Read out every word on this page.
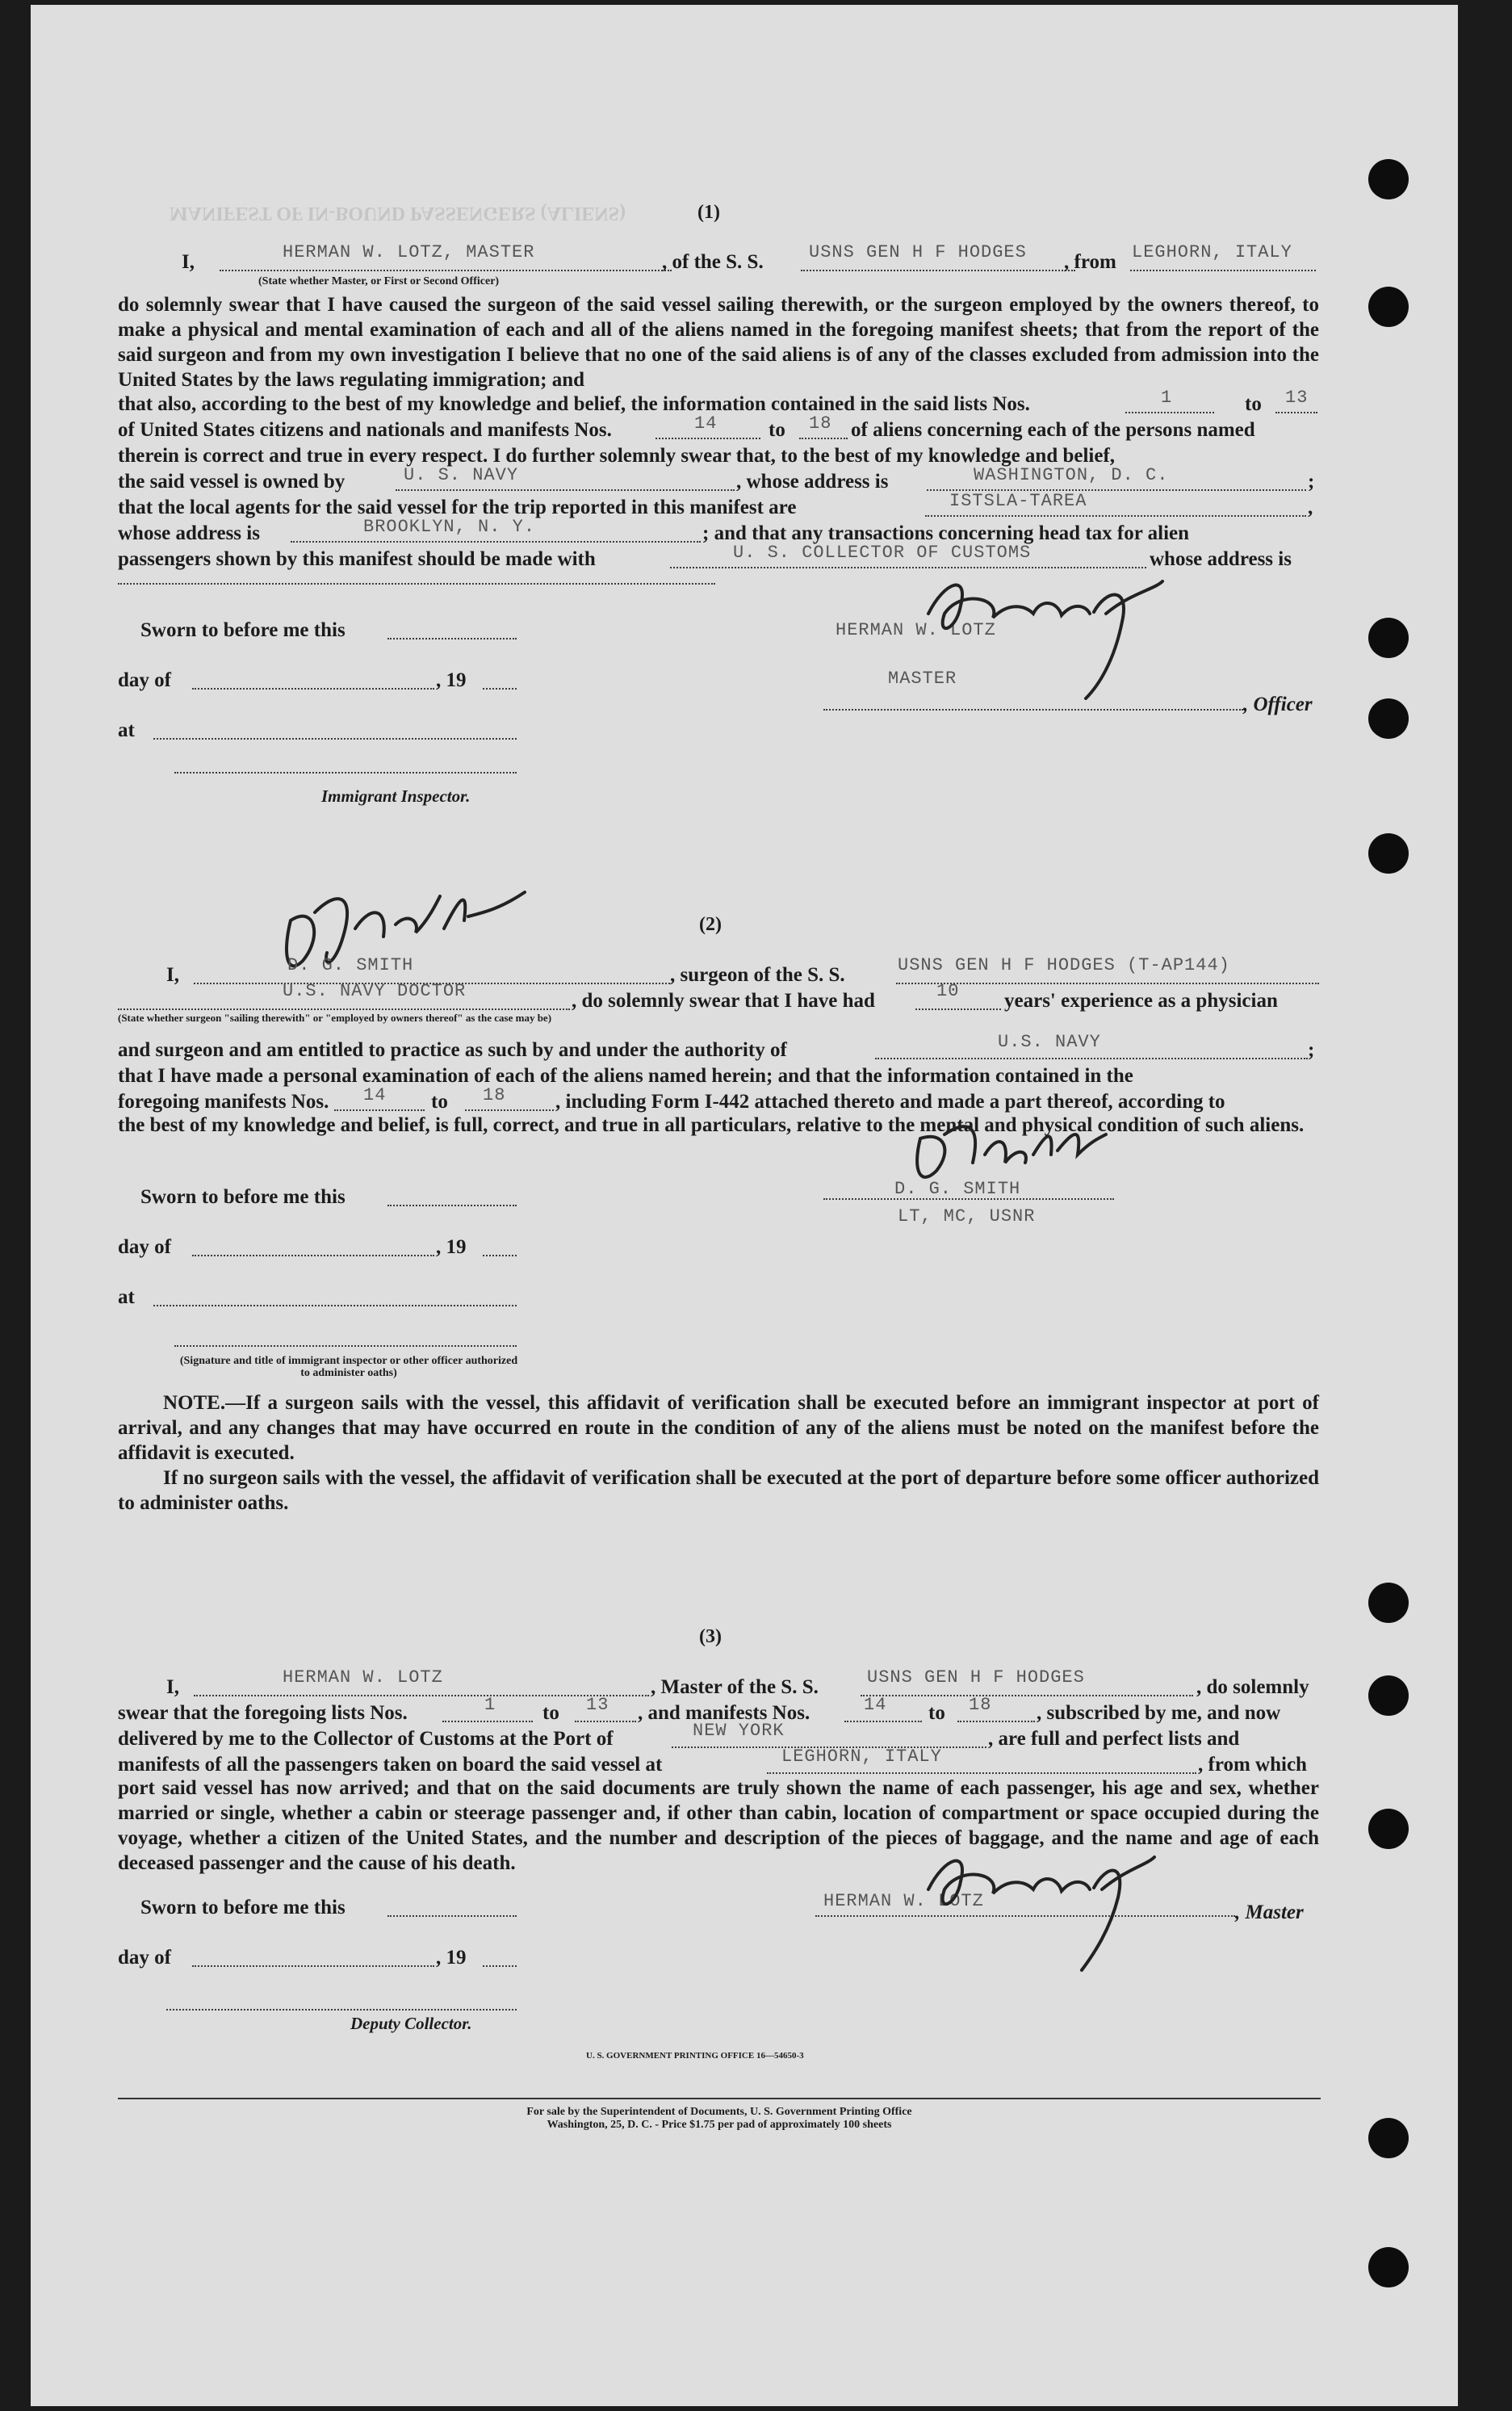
MANIFEST OF IN-BOUND PASSENGERS (ALIENS)	(1)
I,	HERMAN W. LOTZ, MASTER	, of the S. S.	USNS GEN H F HODGES , from LEGHORN, ITALY
(State whether Master, or First or Second Officer)
do solemnly swear that I have caused the surgeon of the said vessel sailing therewith, or the surgeon employed by the owners thereof, to make a physical and mental examination of each and all of the aliens named in the foregoing manifest sheets; that from the report of the said surgeon and from my own investigation I believe that no one of the said aliens is of any of the classes excluded from admission into the United States by the laws regulating immigration; and
that also, according to the best of my knowledge and belief, the information contained in the said lists Nos.	1	to 13
of United States citizens and nationals and manifests Nos.	14	to 18 of aliens concerning each of the persons named
therein is correct and true in every respect. I do further solemnly swear that, to the best of my knowledge and belief,
the said vessel is owned by	U. S. NAVY	, whose address is	WASHINGTON, D. C.	;
that the local agents for the said vessel for the trip reported in this manifest are	ISTSLA-TAREA	,
whose address is	BROOKLYN, N. Y.	; and that any transactions concerning head tax for alien
passengers shown by this manifest should be made with	U. S. COLLECTOR OF CUSTOMS	whose address is
Sworn to before me this
day of	, 19
at
Immigrant Inspector.
HERMAN W. LOTZ
MASTER
, Officer
(2)
I,	D. G. SMITH	, surgeon of the S. S.	USNS GEN H F HODGES (T-AP144)
U.S. NAVY DOCTOR	, do solemnly swear that I have had	10 years' experience as a physician
(State whether surgeon "sailing therewith" or "employed by owners thereof" as the case may be)
and surgeon and am entitled to practice as such by and under the authority of	U.S. NAVY	;
that I have made a personal examination of each of the aliens named herein; and that the information contained in the
foregoing manifests Nos. 14 to 18 , including Form I-442 attached thereto and made a part thereof, according to
the best of my knowledge and belief, is full, correct, and true in all particulars, relative to the mental and physical condition of such aliens.
Sworn to before me this
day of	, 19
at
(Signature and title of immigrant inspector or other officer authorized to administer oaths)
D. G. SMITH
LT, MC, USNR
NOTE.—If a surgeon sails with the vessel, this affidavit of verification shall be executed before an immigrant inspector at port of arrival, and any changes that may have occurred en route in the condition of any of the aliens must be noted on the manifest before the affidavit is executed.
If no surgeon sails with the vessel, the affidavit of verification shall be executed at the port of departure before some officer authorized to administer oaths.
(3)
I,	HERMAN W. LOTZ	, Master of the S. S.	USNS GEN H F HODGES	, do solemnly
swear that the foregoing lists Nos.	1 to 13 , and manifests Nos.	14 to 18 , subscribed by me, and now
delivered by me to the Collector of Customs at the Port of	NEW YORK	, are full and perfect lists and
manifests of all the passengers taken on board the said vessel at	LEGHORN, ITALY	, from which
port said vessel has now arrived; and that on the said documents are truly shown the name of each passenger, his age and sex, whether married or single, whether a cabin or steerage passenger and, if other than cabin, location of compartment or space occupied during the voyage, whether a citizen of the United States, and the number and description of the pieces of baggage, and the name and age of each deceased passenger and the cause of his death.
Sworn to before me this
day of	, 19
Deputy Collector.
HERMAN W. LOTZ
, Master
U. S. GOVERNMENT PRINTING OFFICE 16—54650-3
For sale by the Superintendent of Documents, U. S. Government Printing Office
Washington, 25, D. C. - Price $1.75 per pad of approximately 100 sheets
